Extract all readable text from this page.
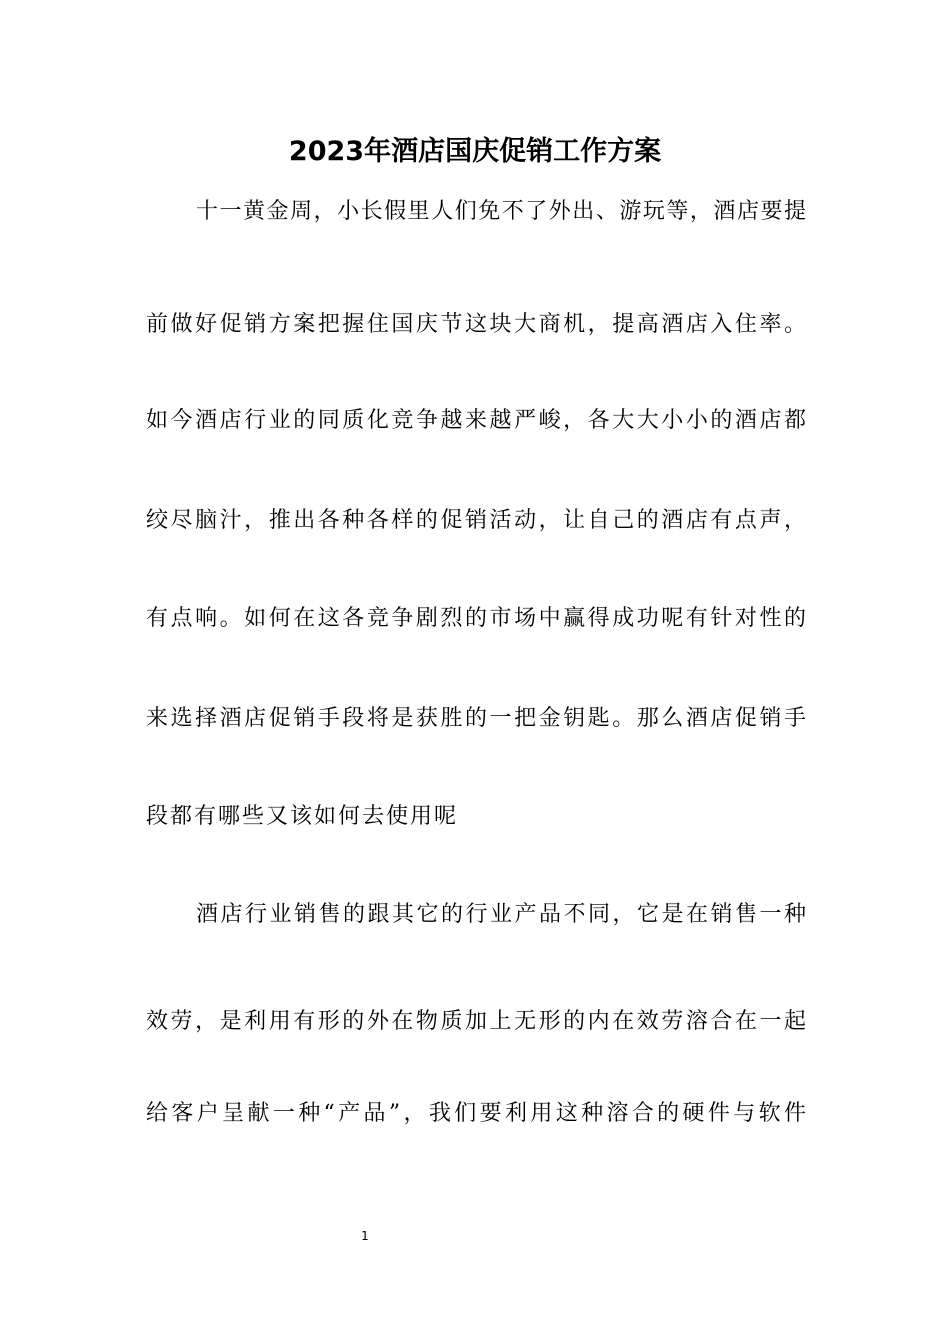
2023年酒店国庆促销工作方案

十一黄金周，小长假里人们免不了外出、游玩等，酒店要提

前做好促销方案把握住国庆节这块大商机，提高酒店入住率。

如今酒店行业的同质化竞争越来越严峻，各大大小小的酒店都

绞尽脑汁，推出各种各样的促销活动，让自己的酒店有点声，

有点响。如何在这各竞争剧烈的市场中赢得成功呢有针对性的

来选择酒店促销手段将是获胜的一把金钥匙。那么酒店促销手

段都有哪些又该如何去使用呢

酒店行业销售的跟其它的行业产品不同，它是在销售一种

效劳，是利用有形的外在物质加上无形的内在效劳溶合在一起

给客户呈献一种“产品”，我们要利用这种溶合的硬件与软件

1
